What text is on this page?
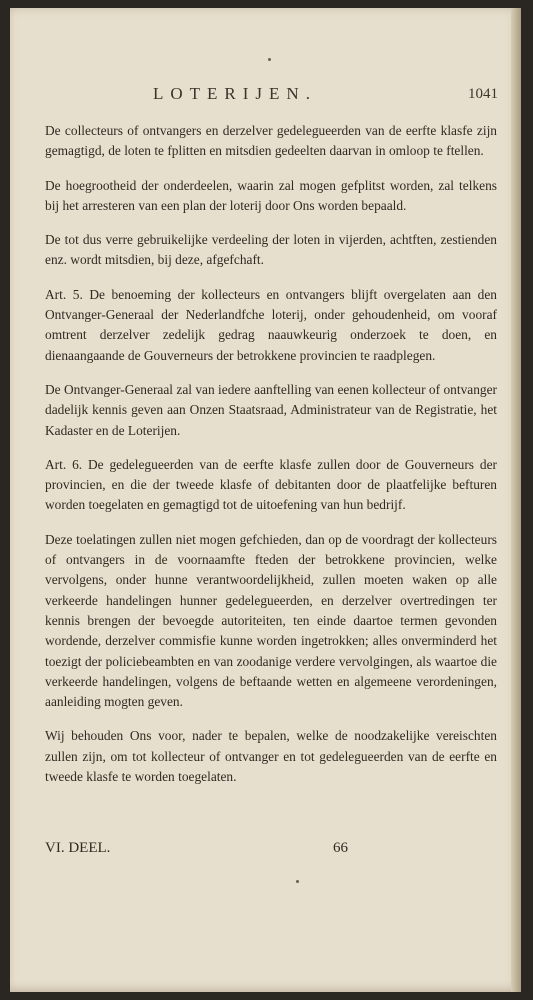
LOTERIJEN.	1041

De collecteurs of ontvangers en derzelver gedelegueerden van de eerfte klasfe zijn gemagtigd, de loten te fplitten en mitsdien gedeelten daarvan in omloop te ftellen.

De hoegrootheid der onderdeelen, waarin zal mogen gefplitst worden, zal telkens bij het arresteren van een plan der loterij door Ons worden bepaald.

De tot dus verre gebruikelijke verdeeling der loten in vijerden, achtften, zestienden enz. wordt mitsdien, bij deze, afgefchaft.

Art. 5. De benoeming der kollecteurs en ontvangers blijft overgelaten aan den Ontvanger-Generaal der Nederlandfche loterij, onder gehoudenheid, om vooraf omtrent derzelver zedelijk gedrag naauwkeurig onderzoek te doen, en dienaangaande de Gouverneurs der betrokkene provincien te raadplegen.

De Ontvanger-Generaal zal van iedere aanftelling van eenen kollecteur of ontvanger dadelijk kennis geven aan Onzen Staatsraad, Administrateur van de Registratie, het Kadaster en de Loterijen.

Art. 6. De gedelegueerden van de eerfte klasfe zullen door de Gouverneurs der provincien, en die der tweede klasfe of debitanten door de plaatfelijke befturen worden toegelaten en gemagtigd tot de uitoefening van hun bedrijf.

Deze toelatingen zullen niet mogen gefchieden, dan op de voordragt der kollecteurs of ontvangers in de voornaamfte fteden der betrokkene provincien, welke vervolgens, onder hunne verantwoordelijkheid, zullen moeten waken op alle verkeerde handelingen hunner gedelegueerden, en derzelver overtredingen ter kennis brengen der bevoegde autoriteiten, ten einde daartoe termen gevonden wordende, derzelver commisfie kunne worden ingetrokken; alles onverminderd het toezigt der policiebeambten en van zoodanige verdere vervolgingen, als waartoe die verkeerde handelingen, volgens de beftaande wetten en algemeene verordeningen, aanleiding mogten geven.

Wij behouden Ons voor, nader te bepalen, welke de noodzakelijke vereischten zullen zijn, om tot kollecteur of ontvanger en tot gedelegueerden van de eerfte en tweede klasfe te worden toegelaten.

VI. DEEL.	66
